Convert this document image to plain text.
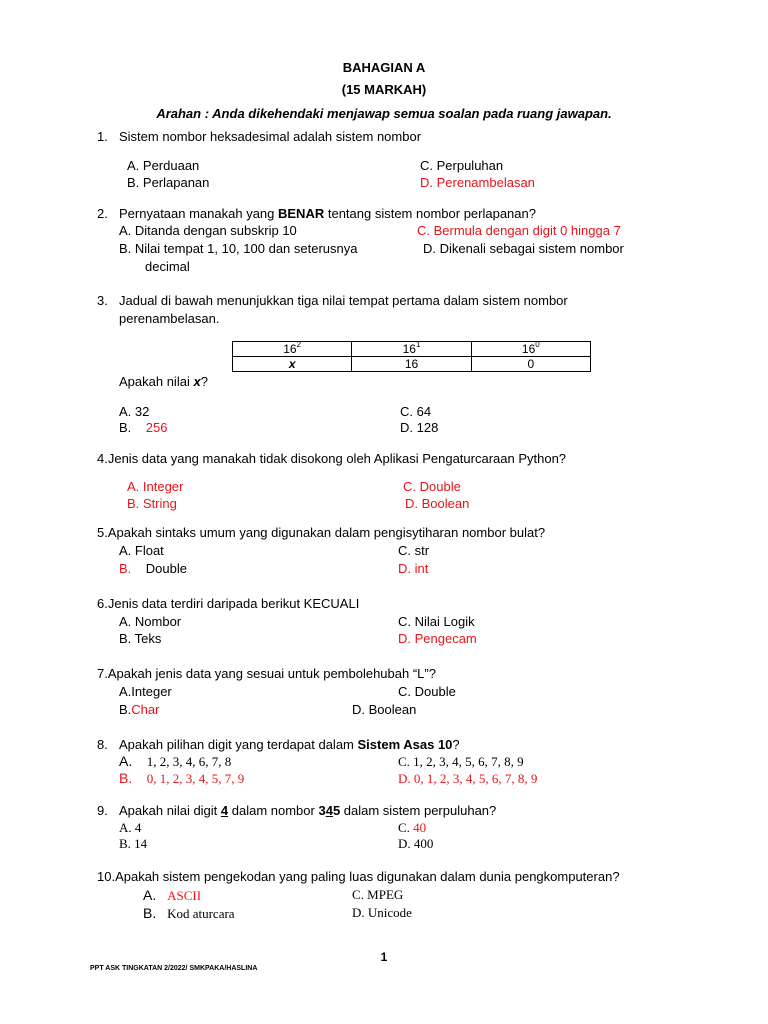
BAHAGIAN A
(15 MARKAH)
Arahan : Anda dikehendaki menjawap semua soalan pada ruang jawapan.
1. Sistem nombor heksadesimal adalah sistem nombor
A. Perduaan
B. Perlapanan
C. Perpuluhan
D. Perenambelasan
2. Pernyataan manakah yang BENAR tentang sistem nombor perlapanan?
A. Ditanda dengan subskrip 10
B. Nilai tempat 1, 10, 100 dan seterusnya
decimal
C. Bermula dengan digit 0 hingga 7
D. Dikenali sebagai sistem nombor
3. Jadual di bawah menunjukkan tiga nilai tempat pertama dalam sistem nombor
perenambelasan.
$16^2$	$16^1$	$16^0$
x	16	0
Apakah nilai x?
A. 32
B. 256
C. 64
D. 128
4.Jenis data yang manakah tidak disokong oleh Aplikasi Pengaturcaraan Python?
A. Integer
B. String
C. Double
D. Boolean
5.Apakah sintaks umum yang digunakan dalam pengisytiharan nombor bulat?
A. Float
B. Double
C. str
D. int
6.Jenis data terdiri daripada berikut KECUALI
A. Nombor
B. Teks
C. Nilai Logik
D. Pengecam
7.Apakah jenis data yang sesuai untuk pembolehubah “L”?
A.Integer
B.Char
C. Double
D. Boolean
8. Apakah pilihan digit yang terdapat dalam Sistem Asas 10?
A. 1, 2, 3, 4, 6, 7, 8
B. 0, 1, 2, 3, 4, 5, 7, 9
C. 1, 2, 3, 4, 5, 6, 7, 8, 9
D. 0, 1, 2, 3, 4, 5, 6, 7, 8, 9
9. Apakah nilai digit 4 dalam nombor 345 dalam sistem perpuluhan?
A. 4
B. 14
C. 40
D. 400
10.Apakah sistem pengekodan yang paling luas digunakan dalam dunia pengkomputeran?
A. ASCII
B. Kod aturcara
C. MPEG
D. Unicode
1
PPT ASK TINGKATAN 2/2022/ SMKPAKA/HASLINA
